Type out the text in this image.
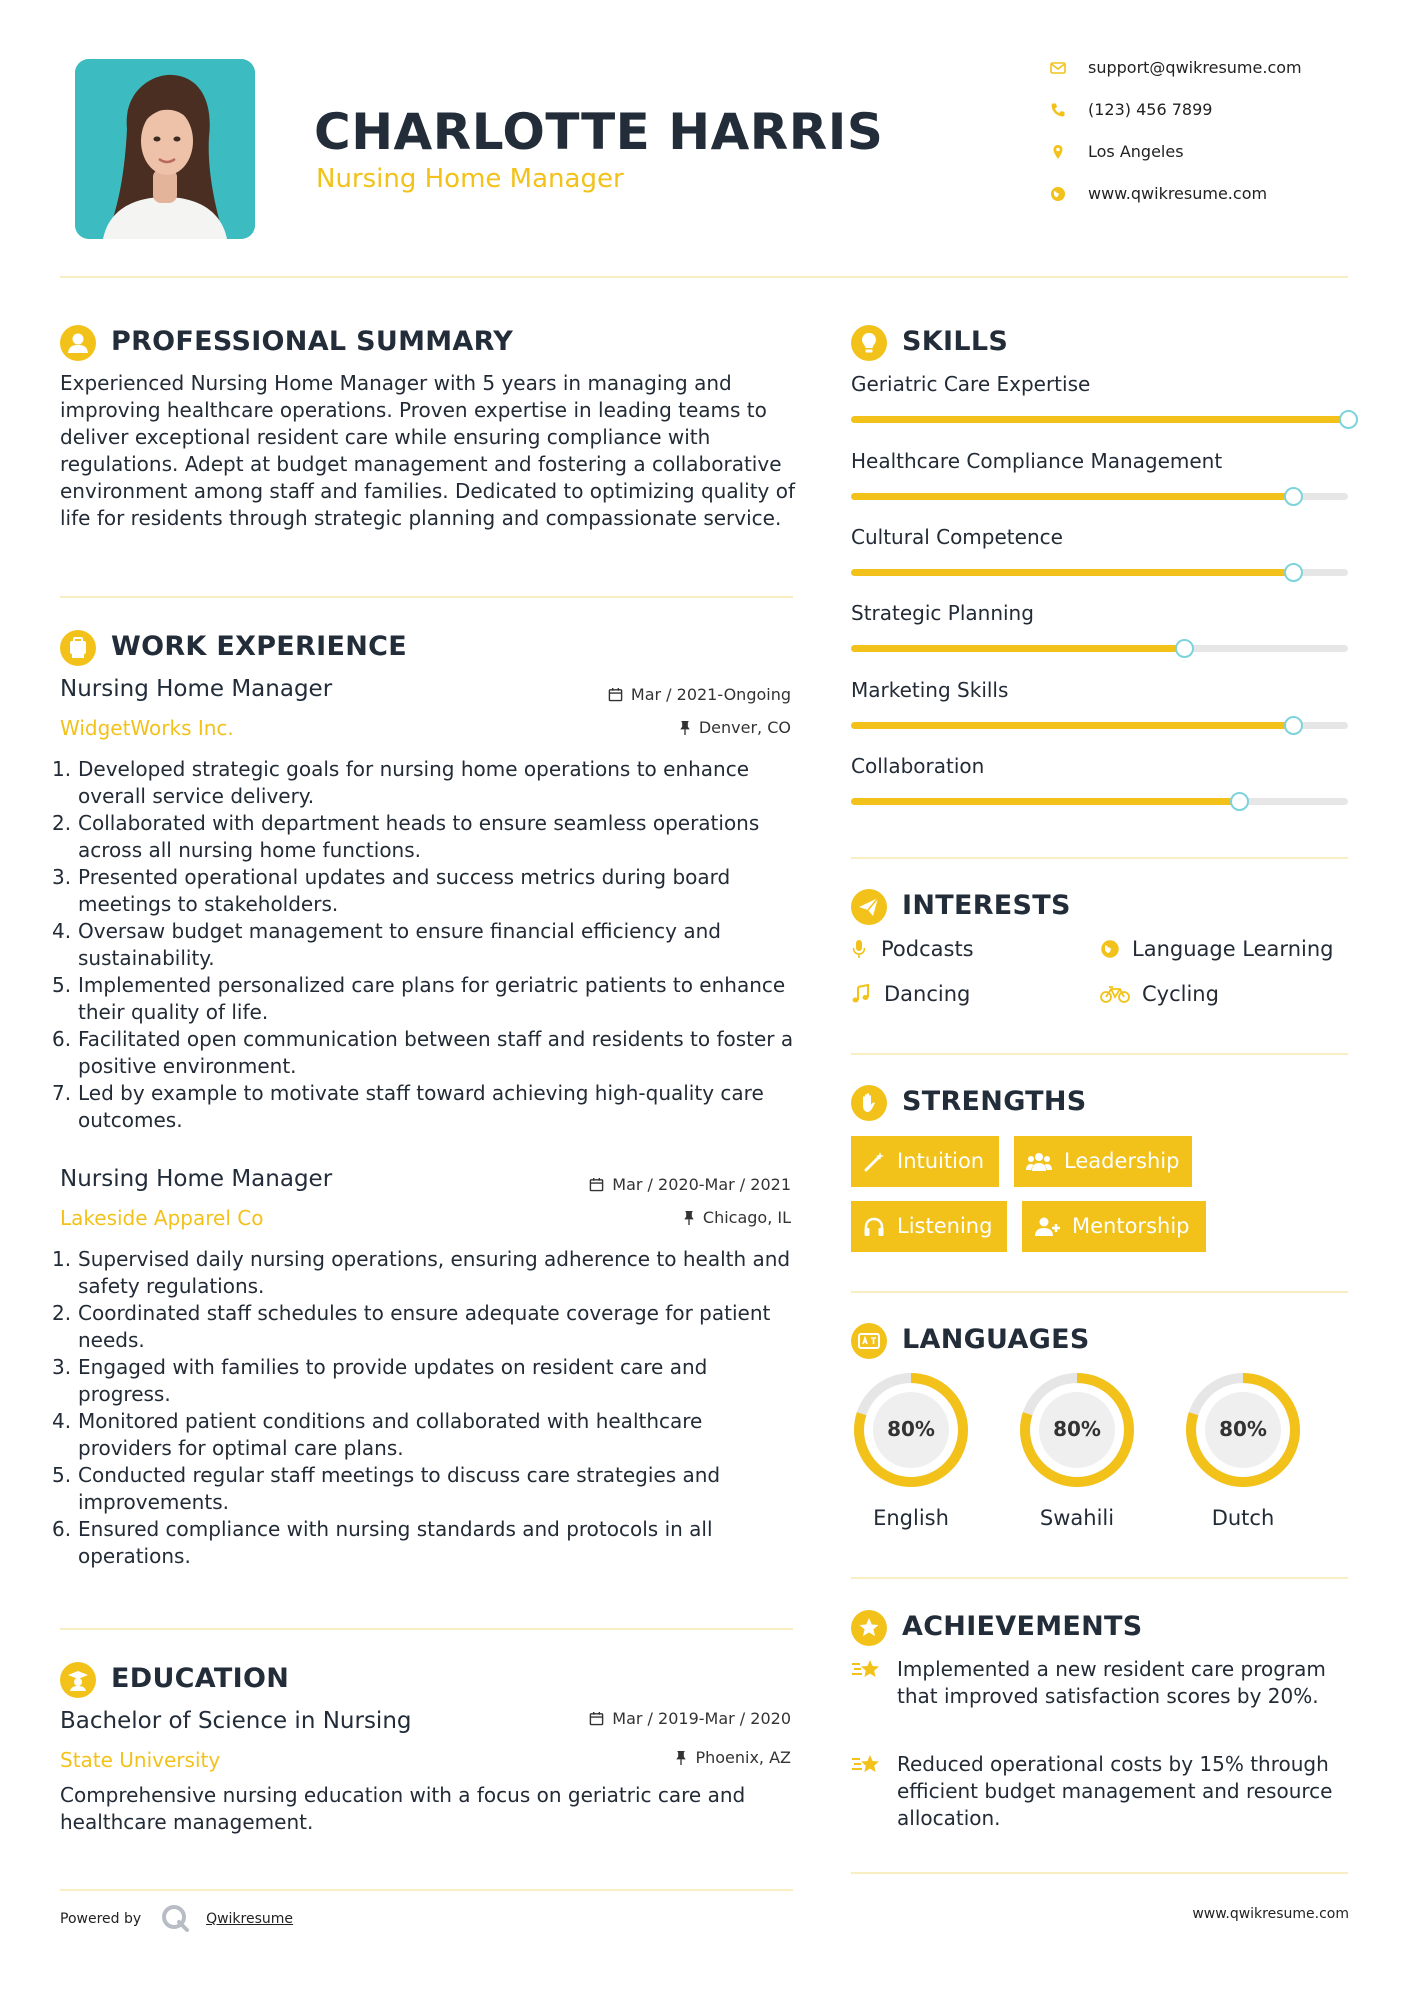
CHARLOTTE HARRIS
Nursing Home Manager
support@qwikresume.com
(123) 456 7899
Los Angeles
www.qwikresume.com
PROFESSIONAL SUMMARY
Experienced Nursing Home Manager with 5 years in managing and improving healthcare operations. Proven expertise in leading teams to deliver exceptional resident care while ensuring compliance with regulations. Adept at budget management and fostering a collaborative environment among staff and families. Dedicated to optimizing quality of life for residents through strategic planning and compassionate service.
WORK EXPERIENCE
Nursing Home Manager	Mar / 2021-Ongoing
WidgetWorks Inc.	Denver, CO
Developed strategic goals for nursing home operations to enhance overall service delivery.
Collaborated with department heads to ensure seamless operations across all nursing home functions.
Presented operational updates and success metrics during board meetings to stakeholders.
Oversaw budget management to ensure financial efficiency and sustainability.
Implemented personalized care plans for geriatric patients to enhance their quality of life.
Facilitated open communication between staff and residents to foster a positive environment.
Led by example to motivate staff toward achieving high-quality care outcomes.
Nursing Home Manager	Mar / 2020-Mar / 2021
Lakeside Apparel Co	Chicago, IL
Supervised daily nursing operations, ensuring adherence to health and safety regulations.
Coordinated staff schedules to ensure adequate coverage for patient needs.
Engaged with families to provide updates on resident care and progress.
Monitored patient conditions and collaborated with healthcare providers for optimal care plans.
Conducted regular staff meetings to discuss care strategies and improvements.
Ensured compliance with nursing standards and protocols in all operations.
EDUCATION
Bachelor of Science in Nursing	Mar / 2019-Mar / 2020
State University	Phoenix, AZ
Comprehensive nursing education with a focus on geriatric care and healthcare management.
SKILLS
Geriatric Care Expertise
Healthcare Compliance Management
Cultural Competence
Strategic Planning
Marketing Skills
Collaboration
INTERESTS
Podcasts	Language Learning
Dancing	Cycling
STRENGTHS
Intuition	Leadership
Listening	Mentorship
LANGUAGES
80%
English
80%
Swahili
80%
Dutch
ACHIEVEMENTS

Implemented a new resident care program that improved satisfaction scores by 20%.

Reduced operational costs by 15% through efficient budget management and resource allocation.

Powered by	Qwikresume	www.qwikresume.com
